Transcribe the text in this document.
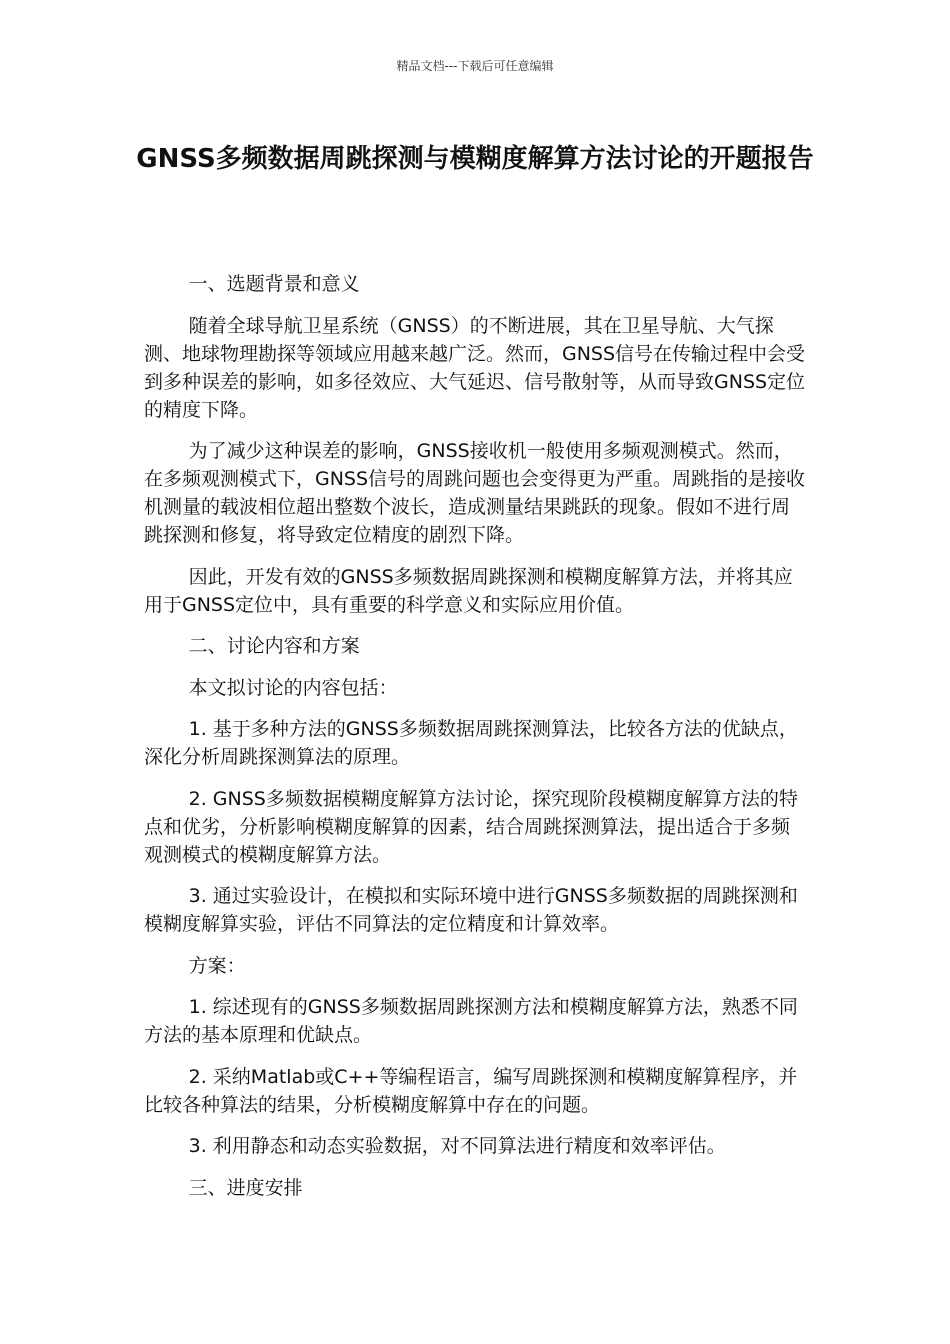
精品文档---下载后可任意编辑
GNSS多频数据周跳探测与模糊度解算方法讨论的开题报告

一、选题背景和意义

随着全球导航卫星系统（GNSS）的不断进展，其在卫星导航、大气探测、地球物理勘探等领域应用越来越广泛。然而，GNSS信号在传输过程中会受到多种误差的影响，如多径效应、大气延迟、信号散射等，从而导致GNSS定位的精度下降。

为了减少这种误差的影响，GNSS接收机一般使用多频观测模式。然而，在多频观测模式下，GNSS信号的周跳问题也会变得更为严重。周跳指的是接收机测量的载波相位超出整数个波长，造成测量结果跳跃的现象。假如不进行周跳探测和修复，将导致定位精度的剧烈下降。

因此，开发有效的GNSS多频数据周跳探测和模糊度解算方法，并将其应用于GNSS定位中，具有重要的科学意义和实际应用价值。

二、讨论内容和方案

本文拟讨论的内容包括：

1. 基于多种方法的GNSS多频数据周跳探测算法，比较各方法的优缺点，深化分析周跳探测算法的原理。

2. GNSS多频数据模糊度解算方法讨论，探究现阶段模糊度解算方法的特点和优劣，分析影响模糊度解算的因素，结合周跳探测算法，提出适合于多频观测模式的模糊度解算方法。

3. 通过实验设计，在模拟和实际环境中进行GNSS多频数据的周跳探测和模糊度解算实验，评估不同算法的定位精度和计算效率。

方案：

1. 综述现有的GNSS多频数据周跳探测方法和模糊度解算方法，熟悉不同方法的基本原理和优缺点。

2. 采纳Matlab或C++等编程语言，编写周跳探测和模糊度解算程序，并比较各种算法的结果，分析模糊度解算中存在的问题。

3. 利用静态和动态实验数据，对不同算法进行精度和效率评估。

三、进度安排
